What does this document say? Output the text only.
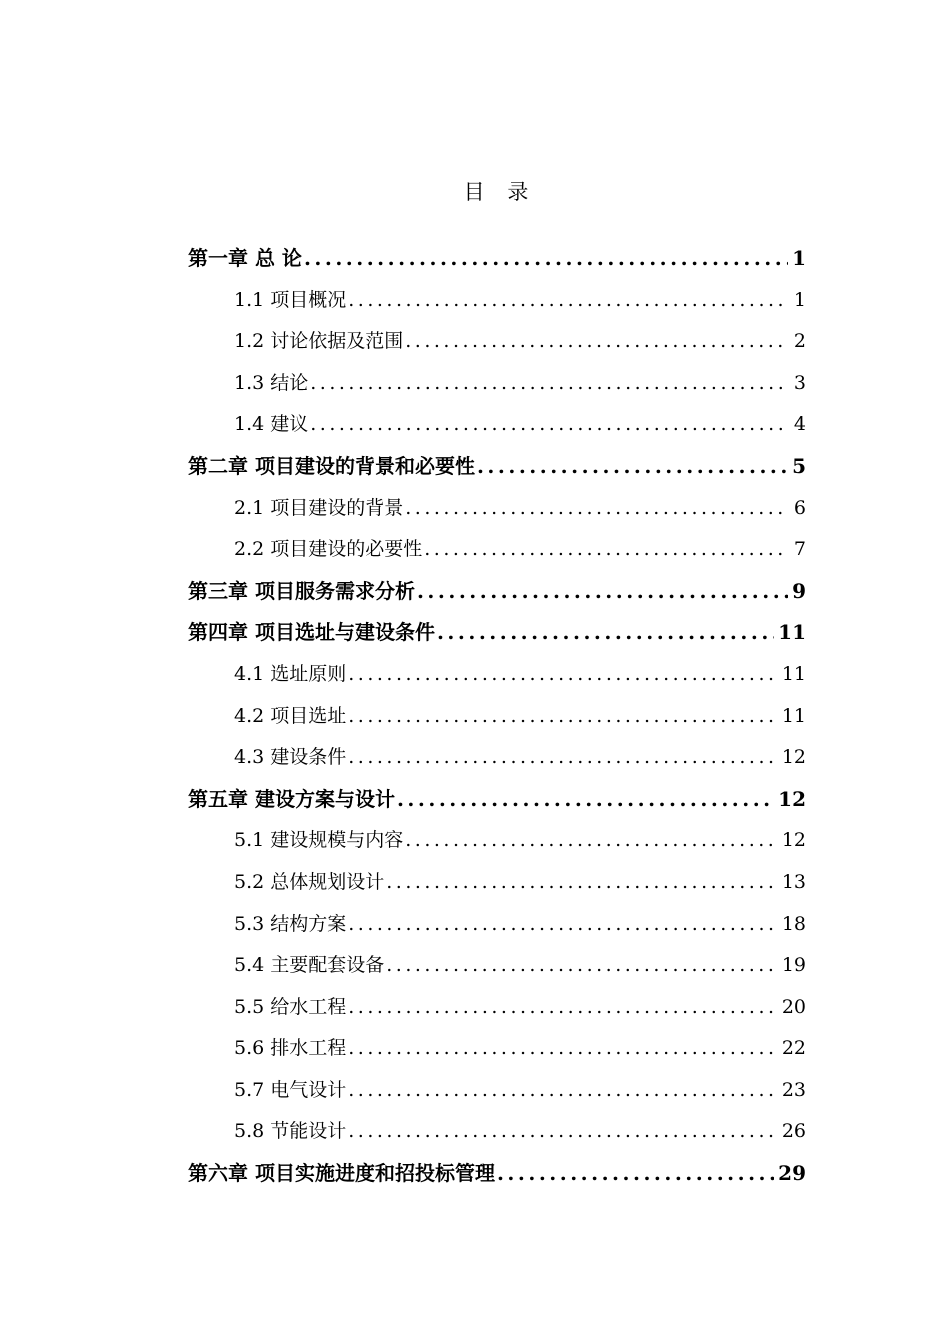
目 录
第一章 总 论 .....	1
1.1 项目概况 .....	1
1.2 讨论依据及范围 .....	2
1.3 结论 .....	3
1.4 建议 .....	4
第二章 项目建设的背景和必要性 .....	5
2.1 项目建设的背景 .....	6
2.2 项目建设的必要性 .....	7
第三章 项目服务需求分析 .....	9
第四章 项目选址与建设条件 .....	11
4.1 选址原则 .....	11
4.2 项目选址 .....	11
4.3 建设条件 .....	12
第五章 建设方案与设计 .....	12
5.1 建设规模与内容 .....	12
5.2 总体规划设计 .....	13
5.3 结构方案 .....	18
5.4 主要配套设备 .....	19
5.5 给水工程 .....	20
5.6 排水工程 .....	22
5.7 电气设计 .....	23
5.8 节能设计 .....	26
第六章 项目实施进度和招投标管理 .....	29
